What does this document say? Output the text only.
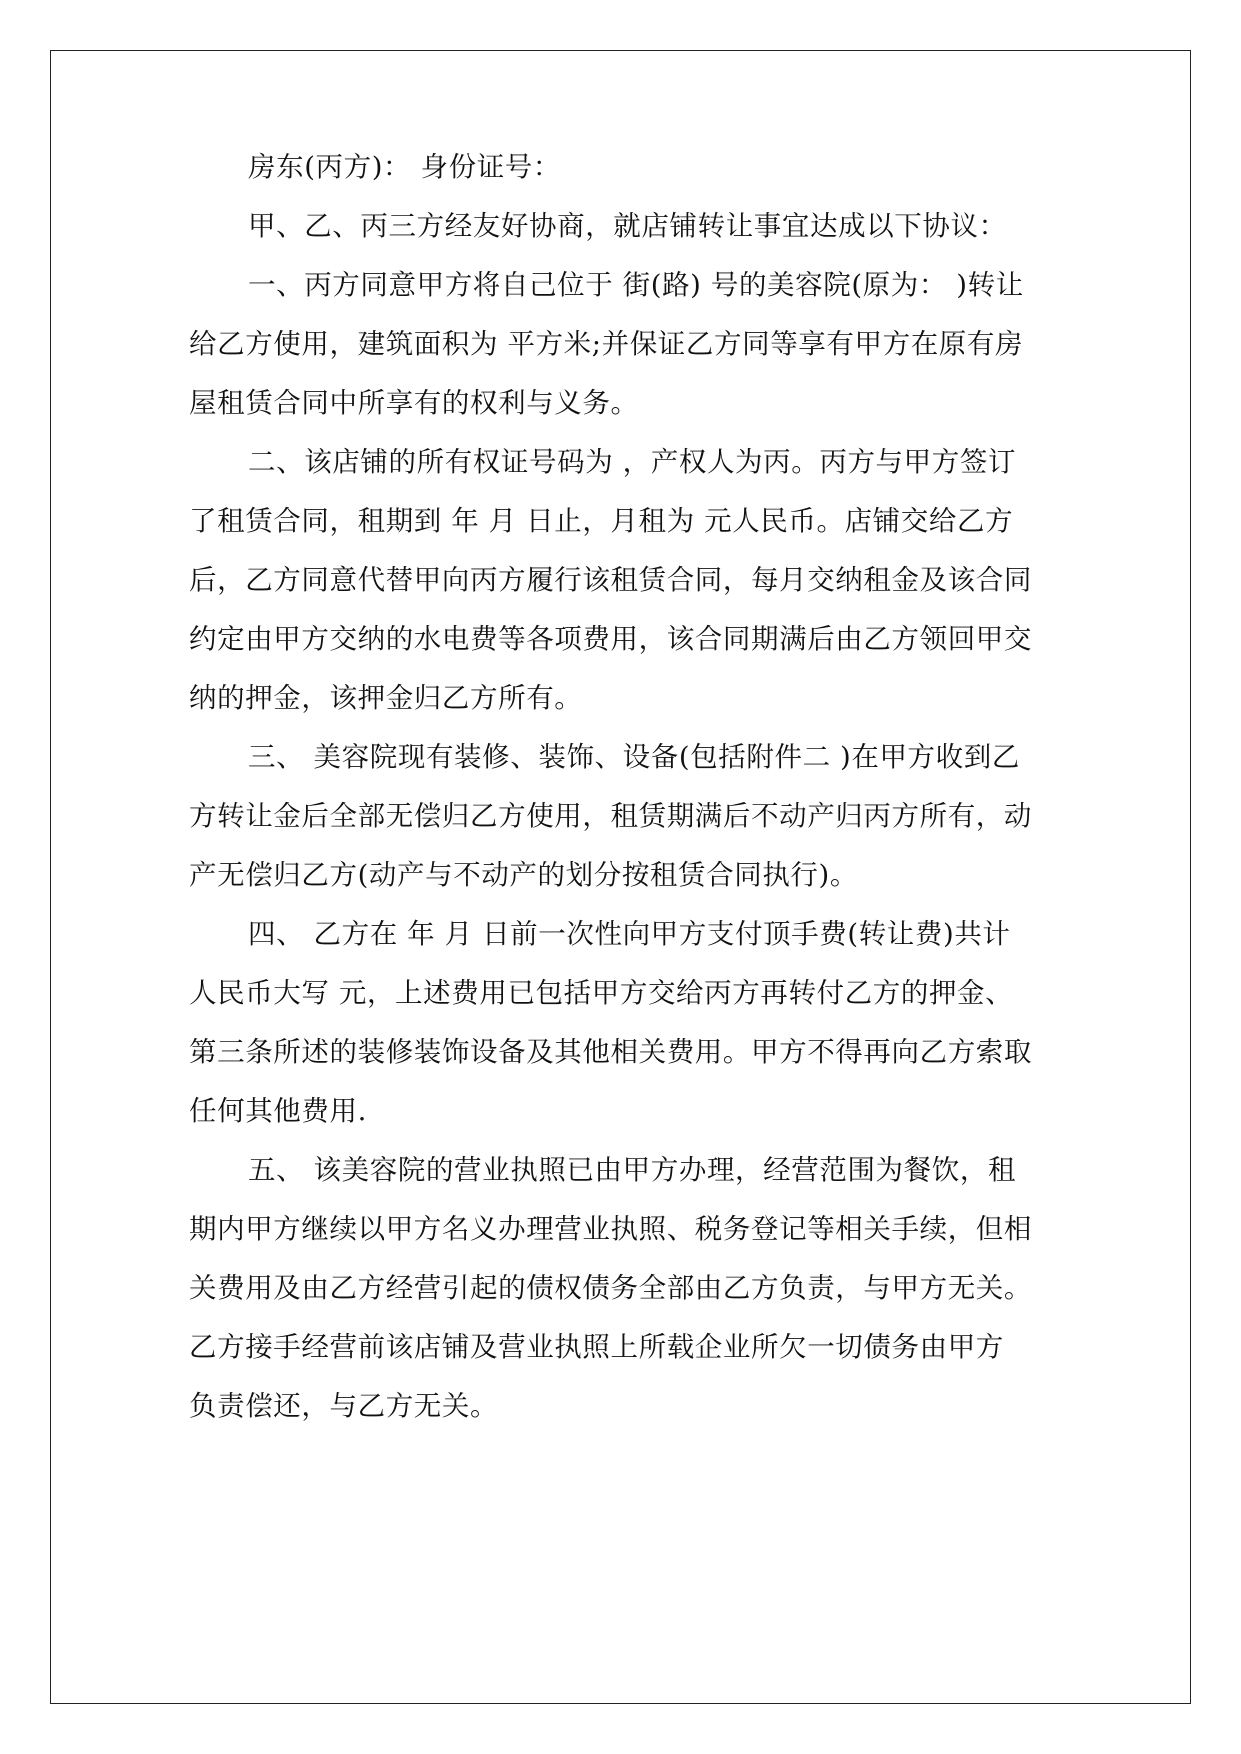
房东(丙方)： 身份证号：
甲、乙、丙三方经友好协商，就店铺转让事宜达成以下协议：
一、丙方同意甲方将自己位于 街(路) 号的美容院(原为： )转让
给乙方使用，建筑面积为 平方米;并保证乙方同等享有甲方在原有房
屋租赁合同中所享有的权利与义务。
二、该店铺的所有权证号码为 ，产权人为丙。丙方与甲方签订
了租赁合同，租期到 年 月 日止，月租为 元人民币。店铺交给乙方
后，乙方同意代替甲向丙方履行该租赁合同，每月交纳租金及该合同
约定由甲方交纳的水电费等各项费用，该合同期满后由乙方领回甲交
纳的押金，该押金归乙方所有。
三、 美容院现有装修、装饰、设备(包括附件二 )在甲方收到乙
方转让金后全部无偿归乙方使用，租赁期满后不动产归丙方所有，动
产无偿归乙方(动产与不动产的划分按租赁合同执行)。
四、 乙方在 年 月 日前一次性向甲方支付顶手费(转让费)共计
人民币大写 元，上述费用已包括甲方交给丙方再转付乙方的押金、
第三条所述的装修装饰设备及其他相关费用。甲方不得再向乙方索取
任何其他费用.
五、 该美容院的营业执照已由甲方办理，经营范围为餐饮，租
期内甲方继续以甲方名义办理营业执照、税务登记等相关手续，但相
关费用及由乙方经营引起的债权债务全部由乙方负责，与甲方无关。
乙方接手经营前该店铺及营业执照上所载企业所欠一切债务由甲方
负责偿还，与乙方无关。
